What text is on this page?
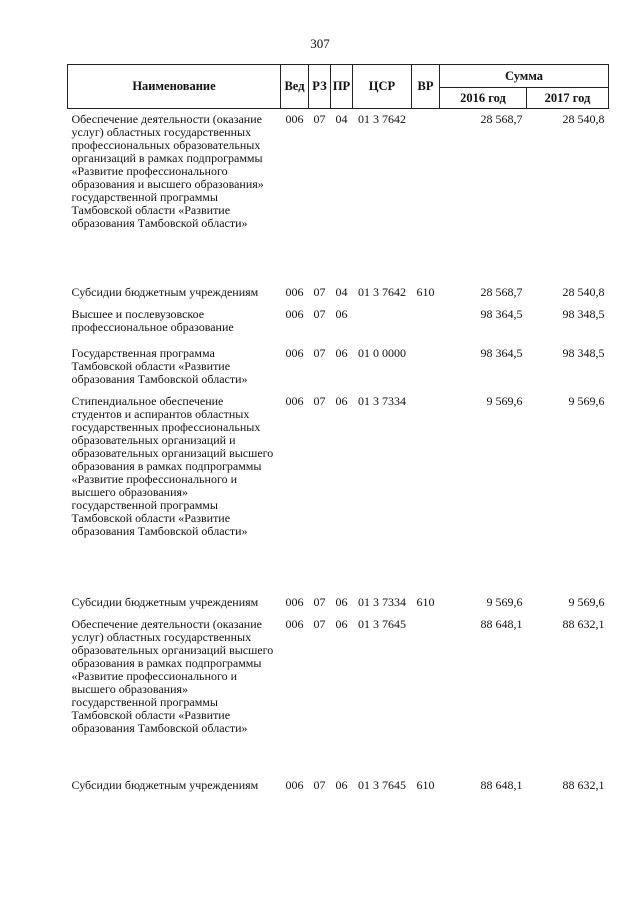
307
Наименование	Вед	РЗ	ПР	ЦСР	ВР	Сумма	
						2016 год	2017 год
Обеспечение деятельности (оказание услуг) областных государственных профессиональных образовательных организаций в рамках подпрограммы «Развитие профессионального образования и высшего образования» государственной программы Тамбовской области «Развитие образования Тамбовской области»	006	07	04	01 3 7642		28 568,7	28 540,8
Субсидии бюджетным учреждениям	006	07	04	01 3 7642	610	28 568,7	28 540,8
Высшее и послевузовское профессиональное образование	006	07	06			98 364,5	98 348,5
Государственная программа Тамбовской области «Развитие образования Тамбовской области»	006	07	06	01 0 0000		98 364,5	98 348,5
Стипендиальное обеспечение студентов и аспирантов областных государственных профессиональных образовательных организаций и образовательных организаций высшего образования в рамках подпрограммы «Развитие профессионального и высшего образования» государственной программы Тамбовской области «Развитие образования Тамбовской области»	006	07	06	01 3 7334		9 569,6	9 569,6
Субсидии бюджетным учреждениям	006	07	06	01 3 7334	610	9 569,6	9 569,6
Обеспечение деятельности (оказание услуг) областных государственных образовательных организаций высшего образования в рамках подпрограммы «Развитие профессионального и высшего образования» государственной программы Тамбовской области «Развитие образования Тамбовской области»	006	07	06	01 3 7645		88 648,1	88 632,1
Субсидии бюджетным учреждениям	006	07	06	01 3 7645	610	88 648,1	88 632,1
